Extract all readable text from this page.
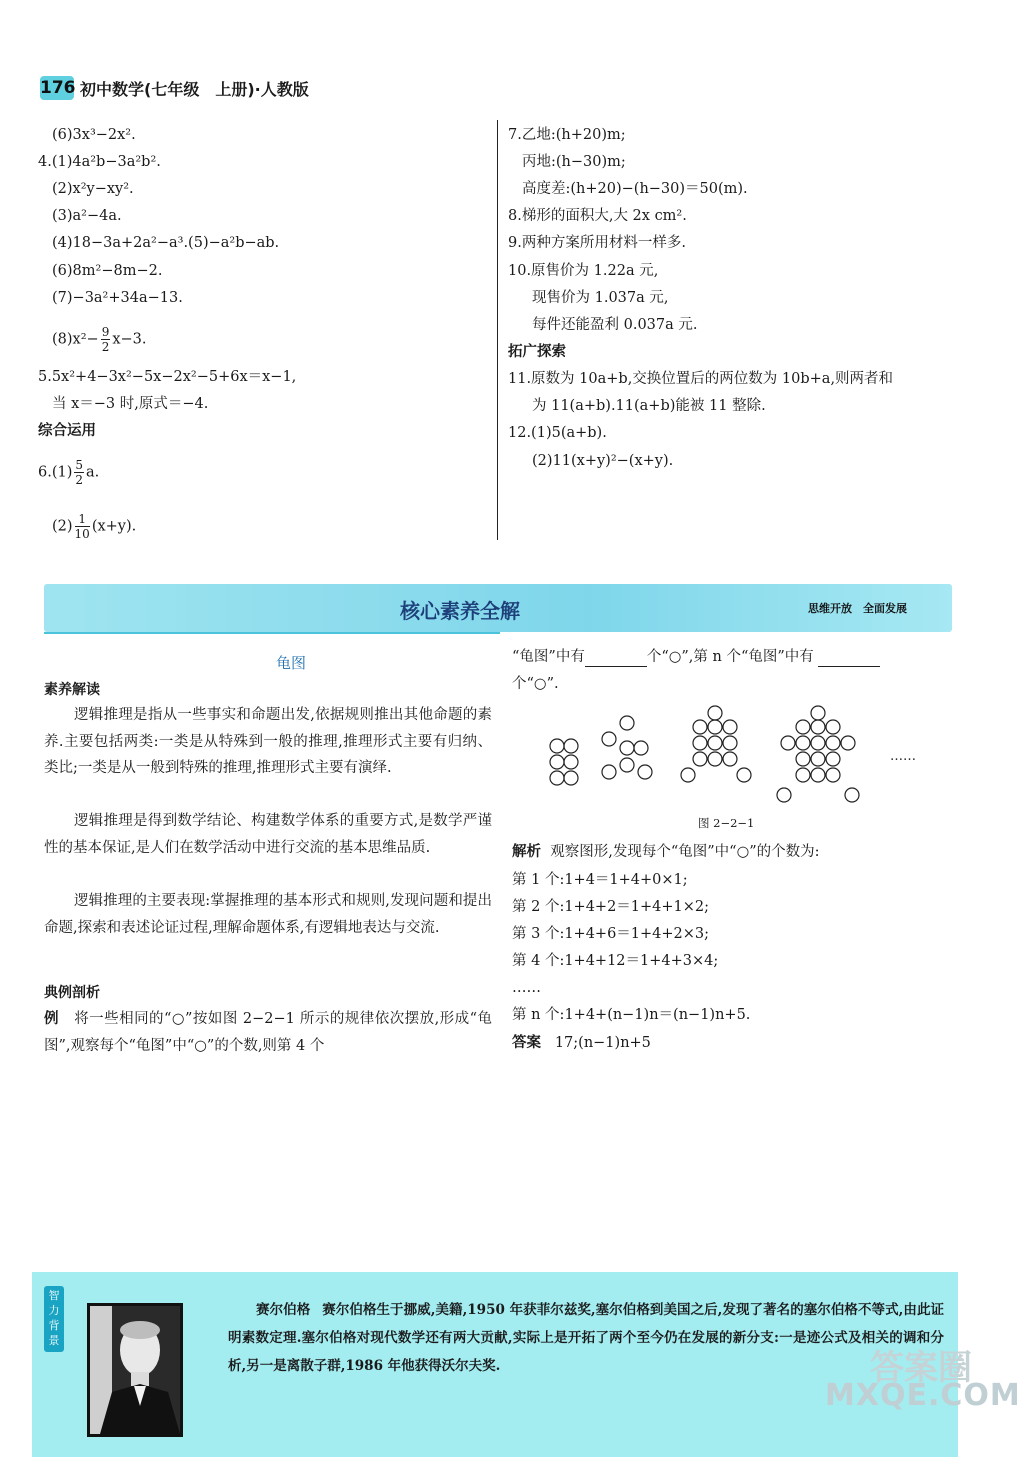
176 初中数学(七年级　上册)·人教版
(6)3x³−2x².
4.(1)4a²b−3a²b².
(2)x²y−xy².
(3)a²−4a.
(4)18−3a+2a²−a³.(5)−a²b−ab.
(6)8m²−8m−2.
(7)−3a²+34a−13.
$(8)x^2- \frac{9}{2} x-3$.
5.5x²+4−3x²−5x−2x²−5+6x＝x−1,
当 x＝−3 时,原式＝−4.
综合运用
$6.(1) \frac{5}{2} a$.
$(2) \frac{1}{10} (x+y)$.
7.乙地:(h+20)m;
丙地:(h−30)m;
高度差:(h+20)−(h−30)＝50(m).
8.梯形的面积大,大 2x cm².
9.两种方案所用材料一样多.
10.原售价为 1.22a 元,
现售价为 1.037a 元,
每件还能盈利 0.037a 元.
拓广探索
11.原数为 10a+b,交换位置后的两位数为 10b+a,则两者和
为 11(a+b).11(a+b)能被 11 整除.
12.(1)5(a+b).
(2)11(x+y)²−(x+y).
核心素养全解	思维开放　全面发展
龟图
素养解读
逻辑推理是指从一些事实和命题出发,依据规则推出其他命题的素养.主要包括两类:一类是从特殊到一般的推理,推理形式主要有归纳、类比;一类是从一般到特殊的推理,推理形式主要有演绎.
逻辑推理是得到数学结论、构建数学体系的重要方式,是数学严谨性的基本保证,是人们在数学活动中进行交流的基本思维品质.
逻辑推理的主要表现:掌握推理的基本形式和规则,发现问题和提出命题,探索和表述论证过程,理解命题体系,有逻辑地表达与交流.
典例剖析
例 将一些相同的“○”按如图 2−2−1 所示的规律依次摆放,形成“龟图”,观察每个“龟图”中“○”的个数,则第 4 个
“龟图”中有	个“○”,第 n 个“龟图”中有
个“○”.
……
图 2−2−1
解析 观察图形,发现每个“龟图”中“○”的个数为:
第 1 个:1+4＝1+4+0×1;
第 2 个:1+4+2＝1+4+1×2;
第 3 个:1+4+6＝1+4+2×3;
第 4 个:1+4+12＝1+4+3×4;
……
第 n 个:1+4+(n−1)n＝(n−1)n+5.
答案 17;(n−1)n+5
智力背景
赛尔伯格 赛尔伯格生于挪威,美籍,1950 年获菲尔兹奖,塞尔伯格到美国之后,发现了著名的塞尔伯格不等式,由此证明素数定理.塞尔伯格对现代数学还有两大贡献,实际上是开拓了两个至今仍在发展的新分支:一是迹公式及相关的调和分析,另一是离散子群,1986 年他获得沃尔夫奖.	答案圈
MXQE.COM
